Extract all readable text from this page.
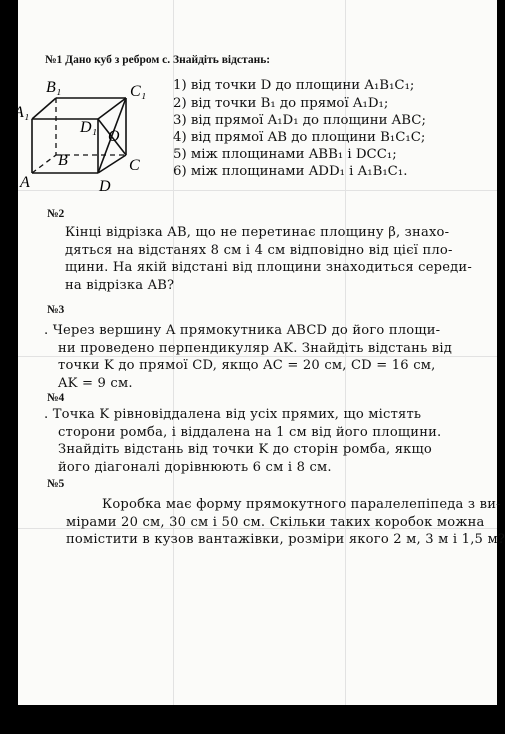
№1 Дано куб з ребром с. Знайдіть відстань:
B₁	C₁
A₁
D₁
O
B	C
A	D
1) від точки D до площини A₁B₁C₁;
2) від точки B₁ до прямої A₁D₁;
3) від прямої A₁D₁ до площини ABC;
4) від прямої AB до площини B₁C₁C;
5) між площинами ABB₁ і DCC₁;
6) між площинами ADD₁ і A₁B₁C₁.
№2
Кінці відрізка AB, що не перетинає площину β, знахо-
дяться на відстанях 8 см і 4 см відповідно від цієї пло-
щини. На якій відстані від площини знаходиться середи-
на відрізка AB?
№3
. Через вершину A прямокутника ABCD до його площи-
ни проведено перпендикуляр AK. Знайдіть відстань від
точки K до прямої CD, якщо AC = 20 см, CD = 16 см,
AK = 9 см.
№4
. Точка K рівновіддалена від усіх прямих, що містять
сторони ромба, і віддалена на 1 см від його площини.
Знайдіть відстань від точки K до сторін ромба, якщо
його діагоналі дорівнюють 6 см і 8 см.
№5
Коробка має форму прямокутного паралелепіпеда з ви-
мірами 20 см, 30 см і 50 см. Скільки таких коробок можна
помістити в кузов вантажівки, розміри якого 2 м, 3 м і 1,5 м?
